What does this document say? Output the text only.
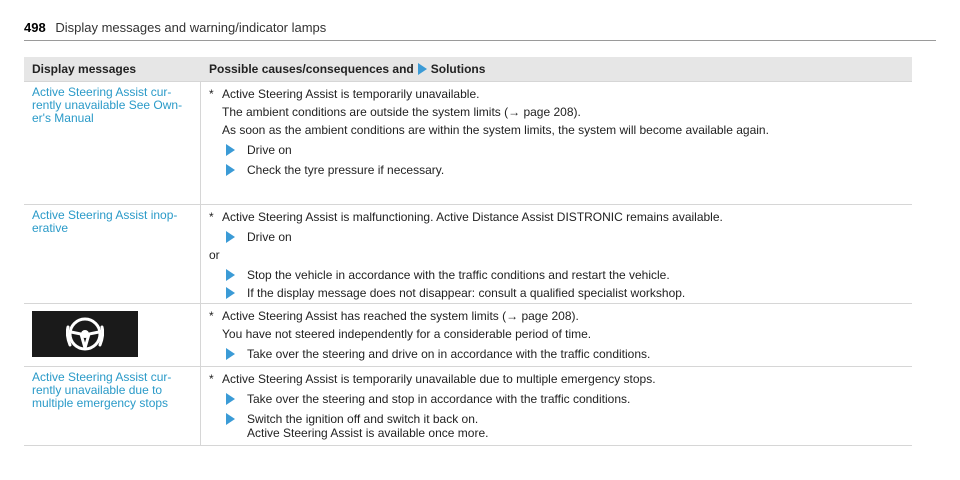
498 Display messages and warning/indicator lamps
Display messages	Possible causes/consequences and Solutions
Active Steering Assist cur-
rently unavailable See Own-
er's Manual
* Active Steering Assist is temporarily unavailable.
The ambient conditions are outside the system limits (→ page 208).
As soon as the ambient conditions are within the system limits, the system will become available again.
Drive on
Check the tyre pressure if necessary.
Active Steering Assist inop-
erative
* Active Steering Assist is malfunctioning. Active Distance Assist DISTRONIC remains available.
Drive on
or
Stop the vehicle in accordance with the traffic conditions and restart the vehicle.
If the display message does not disappear: consult a qualified specialist workshop.
* Active Steering Assist has reached the system limits (→ page 208).
You have not steered independently for a considerable period of time.
Take over the steering and drive on in accordance with the traffic conditions.
Active Steering Assist cur-
rently unavailable due to
multiple emergency stops
* Active Steering Assist is temporarily unavailable due to multiple emergency stops.
Take over the steering and stop in accordance with the traffic conditions.
Switch the ignition off and switch it back on.
Active Steering Assist is available once more.
